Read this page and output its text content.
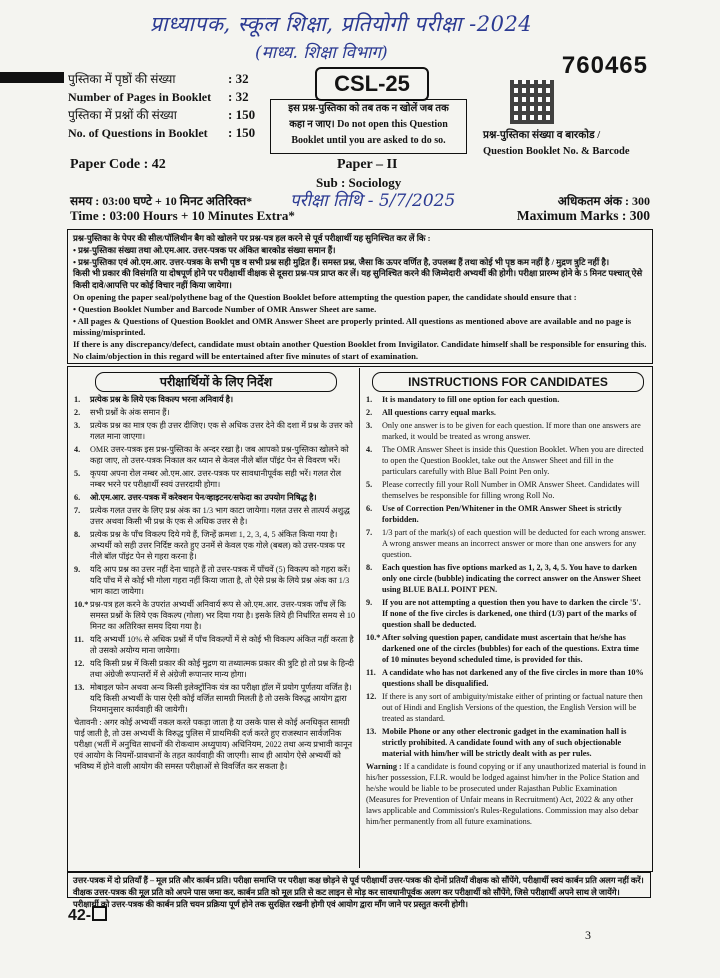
प्राध्यापक, स्कूल शिक्षा, प्रतियोगी परीक्षा -2024
(माध्य. शिक्षा विभाग)	760465
प्रश्न-पुस्तिका संख्या व बारकोड /
Question Booklet No. & Barcode
पुस्तिका में पृष्ठों की संख्या	: 32
Number of Pages in Booklet	: 32
पुस्तिका में प्रश्नों की संख्या	: 150
No. of Questions in Booklet	: 150
CSL-25
इस प्रश्न-पुस्तिका को तब तक न खोलें जब तक
कहा न जाए। Do not open this Question
Booklet until you are asked to do so.
Paper Code : 42	Paper – II
Sub : Sociology
समय : 03:00 घण्टे + 10 मिनट अतिरिक्त* परीक्षा तिथि - 5/7/2025
Time : 03:00 Hours + 10 Minutes Extra*
अधिकतम अंक : 300
Maximum Marks : 300
प्रश्न-पुस्तिका के पेपर की सील/पॉलिथीन बैग को खोलने पर प्रश्न-पत्र हल करने से पूर्व परीक्षार्थी यह सुनिश्चित कर लें कि :
• प्रश्न-पुस्तिका संख्या तथा ओ.एम.आर. उत्तर-पत्रक पर अंकित बारकोड संख्या समान हैं।
• प्रश्न-पुस्तिका एवं ओ.एम.आर. उत्तर-पत्रक के सभी पृष्ठ व सभी प्रश्न सही मुद्रित हैं। समस्त प्रश्न, जैसा कि ऊपर वर्णित है, उपलब्ध हैं तथा कोई भी पृष्ठ कम नहीं है / मुद्रण त्रुटि नहीं है।
किसी भी प्रकार की विसंगति या दोषपूर्ण होने पर परीक्षार्थी वीक्षक से दूसरा प्रश्न-पत्र प्राप्त कर लें। यह सुनिश्चित करने की जिम्मेदारी अभ्यर्थी की होगी। परीक्षा प्रारम्भ होने के 5 मिनट पश्चात् ऐसे किसी दावे/आपत्ति पर कोई विचार नहीं किया जायेगा।
On opening the paper seal/polythene bag of the Question Booklet before attempting the question paper, the candidate should ensure that :
• Question Booklet Number and Barcode Number of OMR Answer Sheet are same.
• All pages & Questions of Question Booklet and OMR Answer Sheet are properly printed. All questions as mentioned above are available and no page is missing/misprinted.
If there is any discrepancy/defect, candidate must obtain another Question Booklet from Invigilator. Candidate himself shall be responsible for ensuring this. No claim/objection in this regard will be entertained after five minutes of start of examination.
परीक्षार्थियों के लिए निर्देश	INSTRUCTIONS FOR CANDIDATES
1.	प्रत्येक प्रश्न के लिये एक विकल्प भरना अनिवार्य है।
2.	सभी प्रश्नों के अंक समान हैं।
3.	प्रत्येक प्रश्न का मात्र एक ही उत्तर दीजिए। एक से अधिक उत्तर देने की दशा में प्रश्न के उत्तर को गलत माना जाएगा।
4.	OMR उत्तर-पत्रक इस प्रश्न-पुस्तिका के अन्दर रखा है। जब आपको प्रश्न-पुस्तिका खोलने को कहा जाए, तो उत्तर-पत्रक निकाल कर ध्यान से केवल नीले बॉल पॉइंट पेन से विवरण भरें।
5.	कृपया अपना रोल नम्बर ओ.एम.आर. उत्तर-पत्रक पर सावधानीपूर्वक सही भरें। गलत रोल नम्बर भरने पर परीक्षार्थी स्वयं उत्तरदायी होगा।
6.	ओ.एम.आर. उत्तर-पत्रक में करेक्शन पेन/व्हाइटनर/सफेदा का उपयोग निषिद्ध है।
7.	प्रत्येक गलत उत्तर के लिए प्रश्न अंक का 1/3 भाग काटा जायेगा। गलत उत्तर से तात्पर्य अशुद्ध उत्तर अथवा किसी भी प्रश्न के एक से अधिक उत्तर से है।
8.	प्रत्येक प्रश्न के पाँच विकल्प दिये गये हैं, जिन्हें क्रमशः 1, 2, 3, 4, 5 अंकित किया गया है। अभ्यर्थी को सही उत्तर निर्दिष्ट करते हुए उनमें से केवल एक गोले (बबल) को उत्तर-पत्रक पर नीले बॉल पॉइंट पेन से गहरा करना है।
9.	यदि आप प्रश्न का उत्तर नहीं देना चाहते हैं तो उत्तर-पत्रक में पाँचवें (5) विकल्प को गहरा करें। यदि पाँच में से कोई भी गोला गहरा नहीं किया जाता है, तो ऐसे प्रश्न के लिये प्रश्न अंक का 1/3 भाग काटा जायेगा।
10.* प्रश्न-पत्र हल करने के उपरांत अभ्यर्थी अनिवार्य रूप से ओ.एम.आर. उत्तर-पत्रक जाँच लें कि समस्त प्रश्नों के लिये एक विकल्प (गोला) भर दिया गया है। इसके लिये ही निर्धारित समय से 10 मिनट का अतिरिक्त समय दिया गया है।
11. यदि अभ्यर्थी 10% से अधिक प्रश्नों में पाँच विकल्पों में से कोई भी विकल्प अंकित नहीं करता है तो उसको अयोग्य माना जायेगा।
12. यदि किसी प्रश्न में किसी प्रकार की कोई मुद्रण या तथ्यात्मक प्रकार की त्रुटि हो तो प्रश्न के हिन्दी तथा अंग्रेजी रूपान्तरों में से अंग्रेजी रूपान्तर मान्य होगा।
13. मोबाइल फोन अथवा अन्य किसी इलेक्ट्रॉनिक यंत्र का परीक्षा हॉल में प्रयोग पूर्णतया वर्जित है। यदि किसी अभ्यर्थी के पास ऐसी कोई वर्जित सामग्री मिलती है तो उसके विरुद्ध आयोग द्वारा नियमानुसार कार्यवाही की जायेगी।
चेतावनी : अगर कोई अभ्यर्थी नकल करते पकड़ा जाता है या उसके पास से कोई अनधिकृत सामग्री पाई जाती है, तो उस अभ्यर्थी के विरुद्ध पुलिस में प्राथमिकी दर्ज करते हुए राजस्थान सार्वजनिक परीक्षा (भर्ती में अनुचित साधनों की रोकथाम अध्युपाय) अधिनियम, 2022 तथा अन्य प्रभावी कानून एवं आयोग के नियमों-प्रावधानों के तहत कार्यवाही की जाएगी। साथ ही आयोग ऐसे अभ्यर्थी को भविष्य में होने वाली आयोग की समस्त परीक्षाओं से विवर्जित कर सकता है।
1.	It is mandatory to fill one option for each question.
2.	All questions carry equal marks.
3.	Only one answer is to be given for each question. If more than one answers are marked, it would be treated as wrong answer.
4.	The OMR Answer Sheet is inside this Question Booklet. When you are directed to open the Question Booklet, take out the Answer Sheet and fill in the particulars carefully with Blue Ball Point Pen only.
5.	Please correctly fill your Roll Number in OMR Answer Sheet. Candidates will themselves be responsible for filling wrong Roll No.
6.	Use of Correction Pen/Whitener in the OMR Answer Sheet is strictly forbidden.
7.	1/3 part of the mark(s) of each question will be deducted for each wrong answer. A wrong answer means an incorrect answer or more than one answers for any question.
8.	Each question has five options marked as 1, 2, 3, 4, 5. You have to darken only one circle (bubble) indicating the correct answer on the Answer Sheet using BLUE BALL POINT PEN.
9.	If you are not attempting a question then you have to darken the circle '5'. If none of the five circles is darkened, one third (1/3) part of the marks of question shall be deducted.
10.* After solving question paper, candidate must ascertain that he/she has darkened one of the circles (bubbles) for each of the questions. Extra time of 10 minutes beyond scheduled time, is provided for this.
11. A candidate who has not darkened any of the five circles in more than 10% questions shall be disqualified.
12. If there is any sort of ambiguity/mistake either of printing or factual nature then out of Hindi and English Versions of the question, the English Version will be treated as standard.
13. Mobile Phone or any other electronic gadget in the examination hall is strictly prohibited. A candidate found with any of such objectionable material with him/her will be strictly dealt with as per rules.
Warning : If a candidate is found copying or if any unauthorized material is found in his/her possession, F.I.R. would be lodged against him/her in the Police Station and he/she would be liable to be prosecuted under Rajasthan Public Examination (Measures for Prevention of Unfair means in Recruitment) Act, 2022 & any other laws applicable and Commission's Rules-Regulations. Commission may also debar him/her permanently from all future examinations.
उत्तर-पत्रक में दो प्रतियाँ हैं – मूल प्रति और कार्बन प्रति। परीक्षा समाप्ति पर परीक्षा कक्ष छोड़ने से पूर्व परीक्षार्थी उत्तर-पत्रक की दोनों प्रतियाँ वीक्षक को सौंपेंगे, परीक्षार्थी स्वयं कार्बन प्रति अलग नहीं करें। वीक्षक उत्तर-पत्रक की मूल प्रति को अपने पास जमा कर, कार्बन प्रति को मूल प्रति से कट लाइन से मोड़ कर सावधानीपूर्वक अलग कर परीक्षार्थी को सौंपेंगे, जिसे परीक्षार्थी अपने साथ ले जायेंगे। परीक्षार्थी को उत्तर-पत्रक की कार्बन प्रति चयन प्रक्रिया पूर्ण होने तक सुरक्षित रखनी होगी एवं आयोग द्वारा माँग जाने पर प्रस्तुत करनी होगी।
42-
3
